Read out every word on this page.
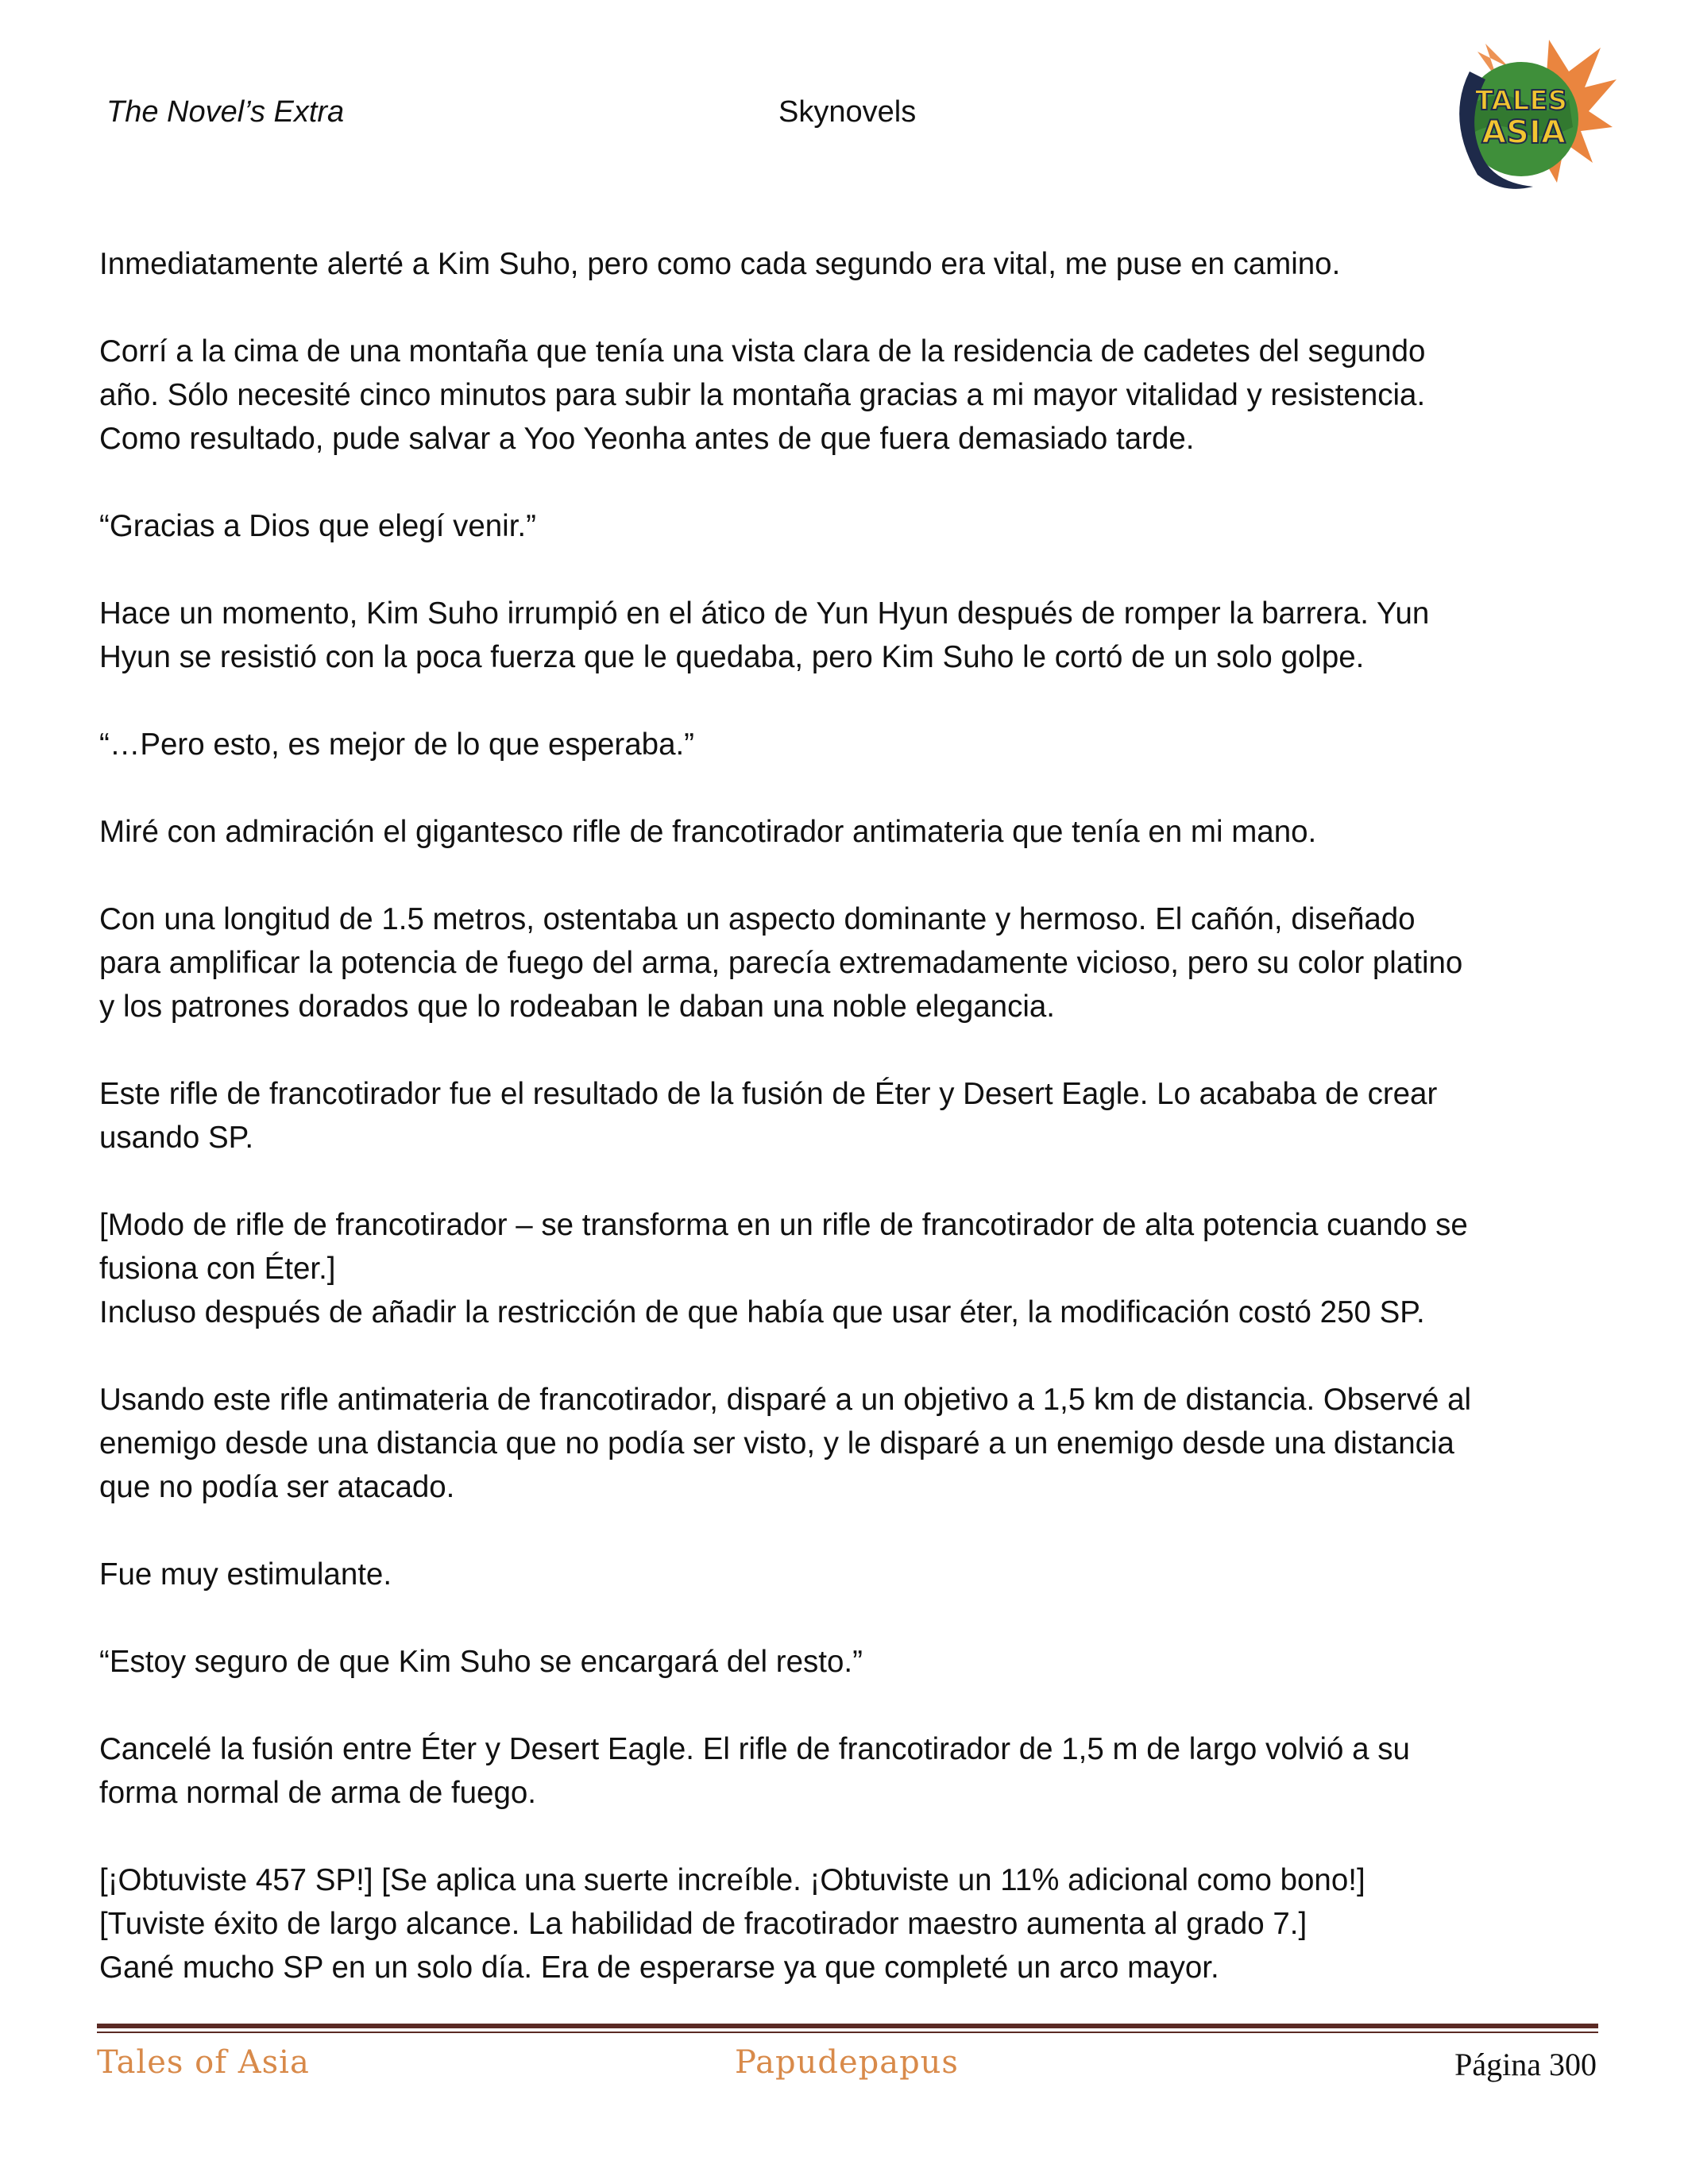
The Novel’s Extra	Skynovels	TALES
ASIA

Inmediatamente alerté a Kim Suho, pero como cada segundo era vital, me puse en camino.

Corrí a la cima de una montaña que tenía una vista clara de la residencia de cadetes del segundo
año. Sólo necesité cinco minutos para subir la montaña gracias a mi mayor vitalidad y resistencia.
Como resultado, pude salvar a Yoo Yeonha antes de que fuera demasiado tarde.

“Gracias a Dios que elegí venir.”

Hace un momento, Kim Suho irrumpió en el ático de Yun Hyun después de romper la barrera. Yun
Hyun se resistió con la poca fuerza que le quedaba, pero Kim Suho le cortó de un solo golpe.

“…Pero esto, es mejor de lo que esperaba.”

Miré con admiración el gigantesco rifle de francotirador antimateria que tenía en mi mano.

Con una longitud de 1.5 metros, ostentaba un aspecto dominante y hermoso. El cañón, diseñado
para amplificar la potencia de fuego del arma, parecía extremadamente vicioso, pero su color platino
y los patrones dorados que lo rodeaban le daban una noble elegancia.

Este rifle de francotirador fue el resultado de la fusión de Éter y Desert Eagle. Lo acababa de crear
usando SP.

[Modo de rifle de francotirador – se transforma en un rifle de francotirador de alta potencia cuando se
fusiona con Éter.]
Incluso después de añadir la restricción de que había que usar éter, la modificación costó 250 SP.

Usando este rifle antimateria de francotirador, disparé a un objetivo a 1,5 km de distancia. Observé al
enemigo desde una distancia que no podía ser visto, y le disparé a un enemigo desde una distancia
que no podía ser atacado.

Fue muy estimulante.

“Estoy seguro de que Kim Suho se encargará del resto.”

Cancelé la fusión entre Éter y Desert Eagle. El rifle de francotirador de 1,5 m de largo volvió a su
forma normal de arma de fuego.

[¡Obtuviste 457 SP!] [Se aplica una suerte increíble. ¡Obtuviste un 11% adicional como bono!]
[Tuviste éxito de largo alcance. La habilidad de fracotirador maestro aumenta al grado 7.]
Gané mucho SP en un solo día. Era de esperarse ya que completé un arco mayor.

Tales of Asia	Papudepapus	Página 300
